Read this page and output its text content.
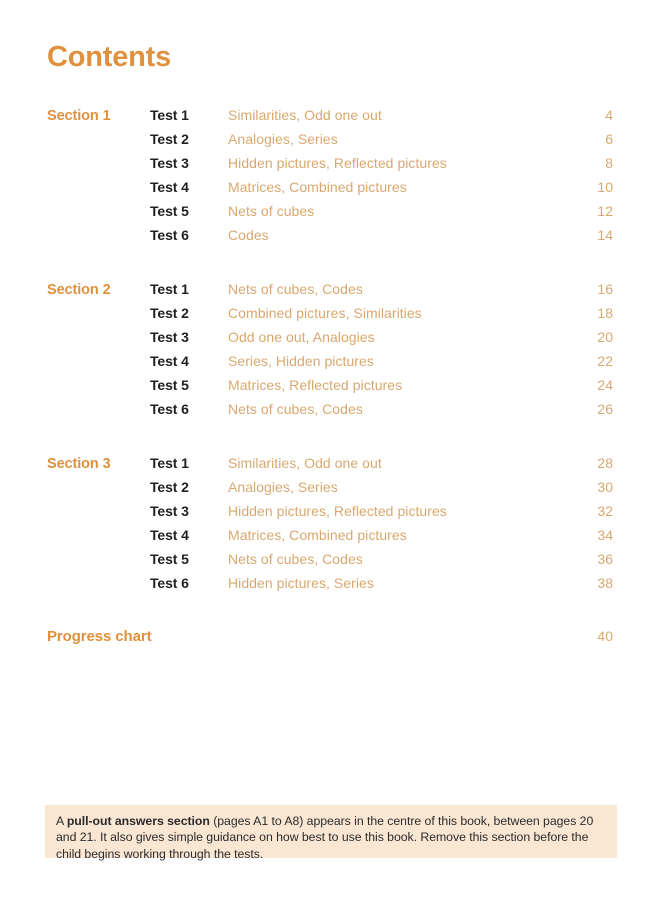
Contents
Section 1	Test 1	Similarities, Odd one out	4
Test 2	Analogies, Series	6
Test 3	Hidden pictures, Reflected pictures	8
Test 4	Matrices, Combined pictures	10
Test 5	Nets of cubes	12
Test 6	Codes	14
Section 2	Test 1	Nets of cubes, Codes	16
Test 2	Combined pictures, Similarities	18
Test 3	Odd one out, Analogies	20
Test 4	Series, Hidden pictures	22
Test 5	Matrices, Reflected pictures	24
Test 6	Nets of cubes, Codes	26
Section 3	Test 1	Similarities, Odd one out	28
Test 2	Analogies, Series	30
Test 3	Hidden pictures, Reflected pictures	32
Test 4	Matrices, Combined pictures	34
Test 5	Nets of cubes, Codes	36
Test 6	Hidden pictures, Series	38
Progress chart	40
A pull-out answers section (pages A1 to A8) appears in the centre of this book, between pages 20 and 21. It also gives simple guidance on how best to use this book. Remove this section before the child begins working through the tests.
